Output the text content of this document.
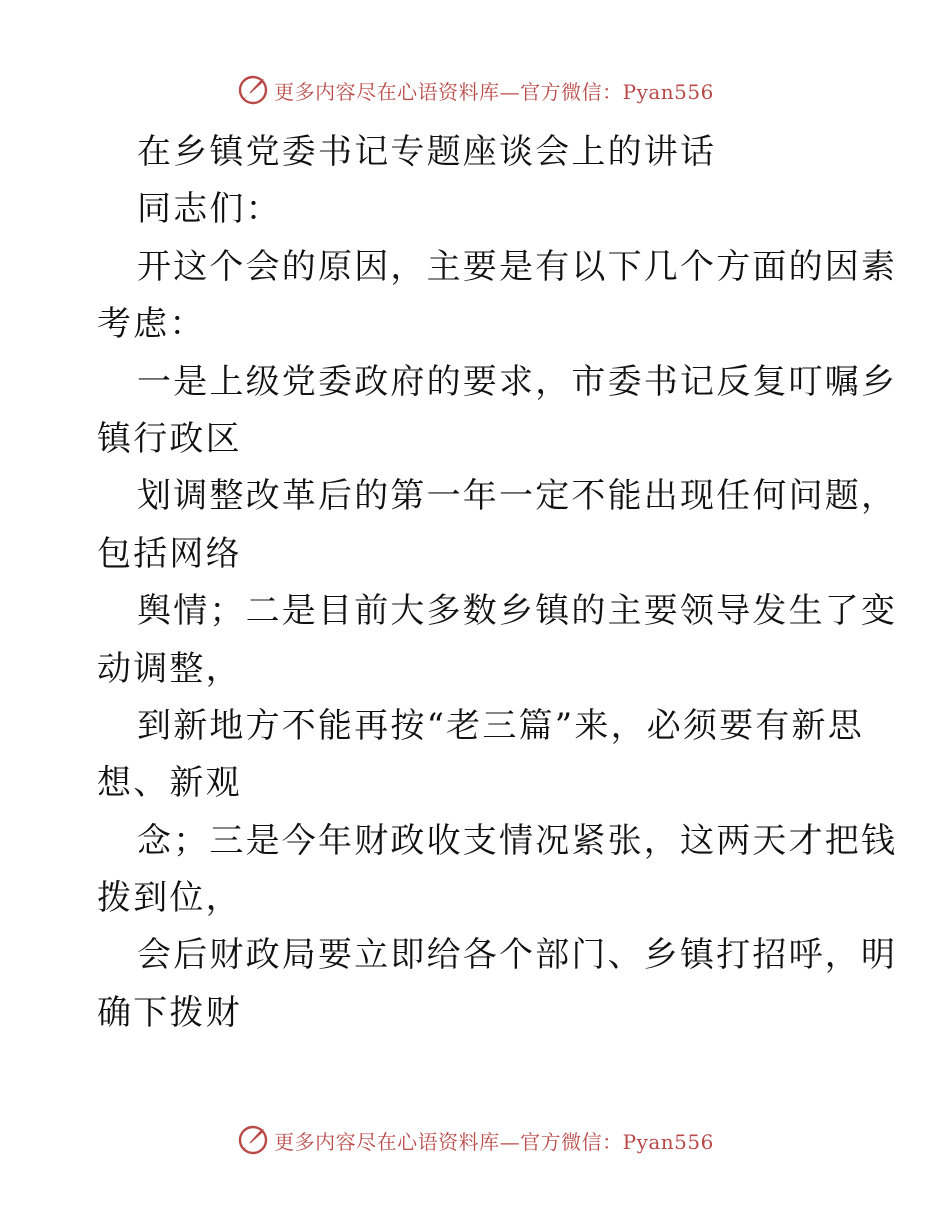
更多内容尽在心语资料库—官方微信：Pyan556
在乡镇党委书记专题座谈会上的讲话
同志们：
开这个会的原因，主要是有以下几个方面的因素
考虑：
一是上级党委政府的要求，市委书记反复叮嘱乡
镇行政区
划调整改革后的第一年一定不能出现任何问题，
包括网络
舆情；二是目前大多数乡镇的主要领导发生了变
动调整，
到新地方不能再按“老三篇”来，必须要有新思
想、新观
念；三是今年财政收支情况紧张，这两天才把钱
拨到位，
会后财政局要立即给各个部门、乡镇打招呼，明
确下拨财
更多内容尽在心语资料库—官方微信：Pyan556
